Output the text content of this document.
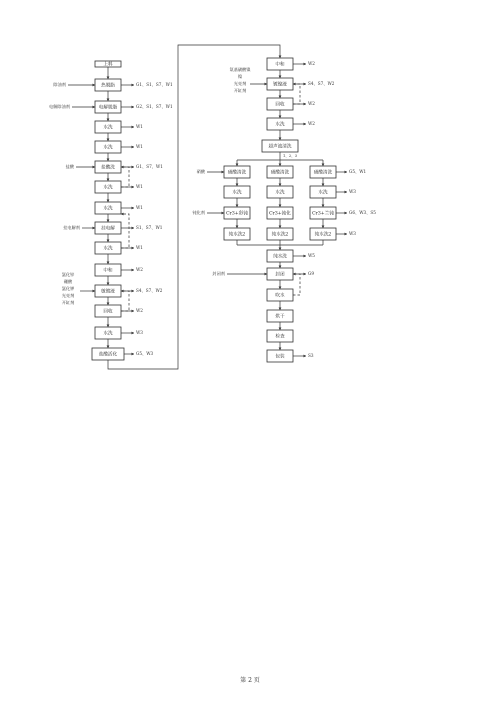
上料
热脱脂
电解脱脂
水洗
水洗
盐酸洗
水洗
水洗
挂电解
水洗
中和
敏镀液
回收
水洗
盐酸活化
除油剂
电解除油剂
盐酸
挂电解剂
氯化锌
硼酸
氯化钾
光亮剂
开缸剂
G1、S1、S7、W1
G2、S1、S7、W1
W1
W1
G1、S7、W1
W1
W1
S1、S7、W1
W1
W2
S4、S7、W2
W2
W3
G5、W3
中和
镀镍液
回收
水洗
超声波清洗
1、2、3
氨基磺酸镍
镍
光亮剂
开缸剂
W2
S4、S7、W2
W2
W2
硝酸清洗
水洗
Cr3+彩钝
纯水洗2
硝酸清洗
水洗
Cr3+钝化
纯水洗2
硝酸清洗
水洗
Cr3+兰钝
纯水洗2
硝酸
钝化剂
G5、W1
W3
G6、W3、S5
W3
纯水洗
封闭
吹水
烘干
检查
包装
封闭剂
W5
G9
S3
第 2 页
